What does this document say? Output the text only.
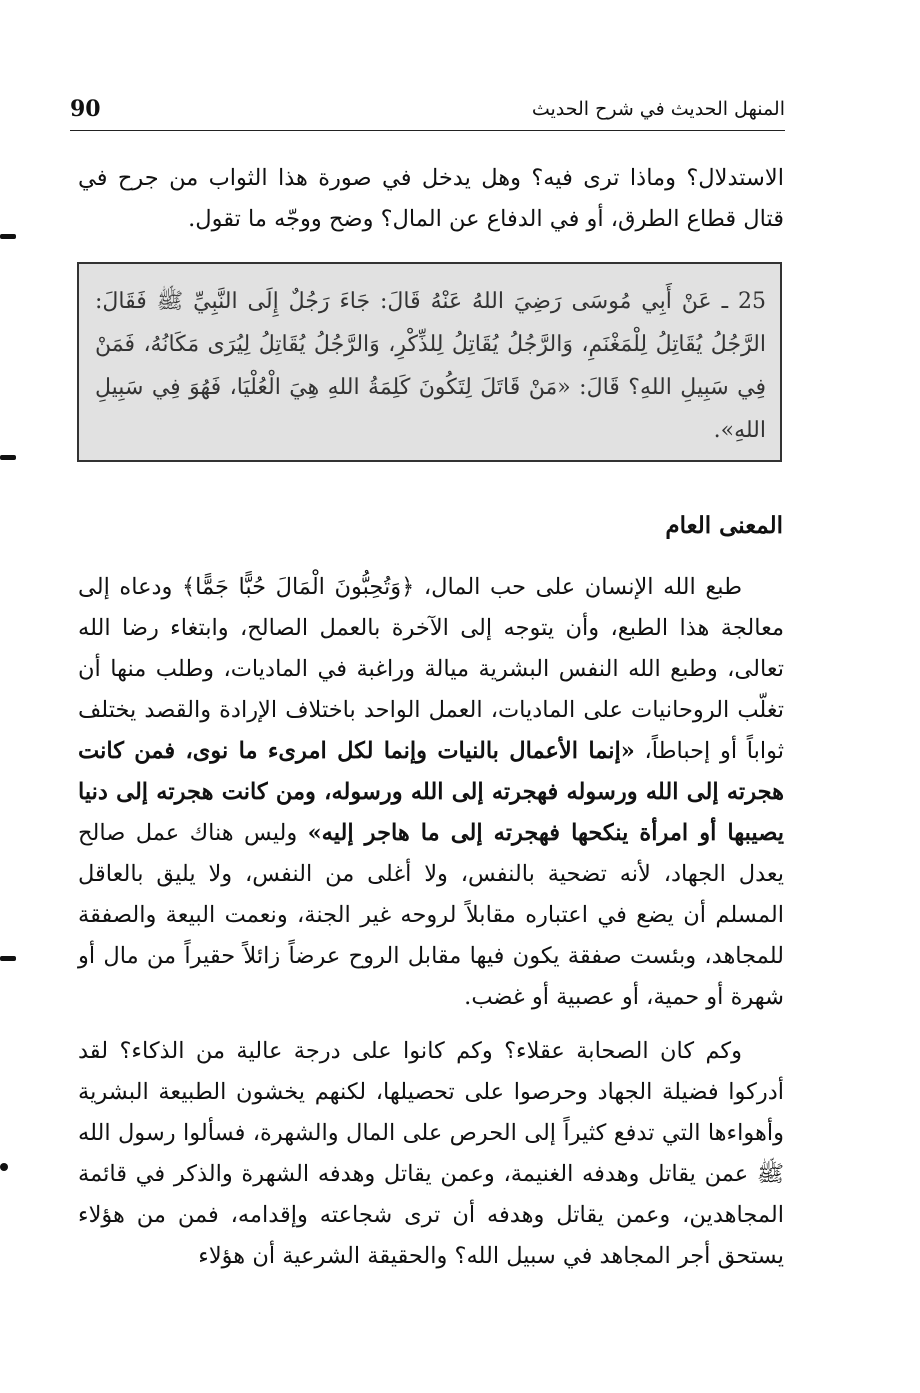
90	المنهل الحديث في شرح الحديث
الاستدلال؟ وماذا ترى فيه؟ وهل يدخل في صورة هذا الثواب من جرح في قتال قطاع الطرق، أو في الدفاع عن المال؟ وضح ووجّه ما تقول.
25 ـ عَنْ أَبِي مُوسَى رَضِيَ اللهُ عَنْهُ قَالَ: جَاءَ رَجُلٌ إِلَى النَّبِيِّ ﷺ فَقَالَ: الرَّجُلُ يُقَاتِلُ لِلْمَغْنَمِ، وَالرَّجُلُ يُقَاتِلُ لِلذِّكْرِ، وَالرَّجُلُ يُقَاتِلُ لِيُرَى مَكَانُهُ، فَمَنْ فِي سَبِيلِ اللهِ؟ قَالَ: «مَنْ قَاتَلَ لِتَكُونَ كَلِمَةُ اللهِ هِيَ الْعُلْيَا، فَهُوَ فِي سَبِيلِ اللهِ».
المعنى العام
طبع الله الإنسان على حب المال، ﴿وَتُحِبُّونَ الْمَالَ حُبًّا جَمًّا﴾ ودعاه إلى معالجة هذا الطبع، وأن يتوجه إلى الآخرة بالعمل الصالح، وابتغاء رضا الله تعالى، وطبع الله النفس البشرية ميالة وراغبة في الماديات، وطلب منها أن تغلّب الروحانيات على الماديات، العمل الواحد باختلاف الإرادة والقصد يختلف ثواباً أو إحباطاً، «إنما الأعمال بالنيات وإنما لكل امرىء ما نوى، فمن كانت هجرته إلى الله ورسوله فهجرته إلى الله ورسوله، ومن كانت هجرته إلى دنيا يصيبها أو امرأة ينكحها فهجرته إلى ما هاجر إليه» وليس هناك عمل صالح يعدل الجهاد، لأنه تضحية بالنفس، ولا أغلى من النفس، ولا يليق بالعاقل المسلم أن يضع في اعتباره مقابلاً لروحه غير الجنة، ونعمت البيعة والصفقة للمجاهد، وبئست صفقة يكون فيها مقابل الروح عرضاً زائلاً حقيراً من مال أو شهرة أو حمية، أو عصبية أو غضب.
وكم كان الصحابة عقلاء؟ وكم كانوا على درجة عالية من الذكاء؟ لقد أدركوا فضيلة الجهاد وحرصوا على تحصيلها، لكنهم يخشون الطبيعة البشرية وأهواءها التي تدفع كثيراً إلى الحرص على المال والشهرة، فسألوا رسول الله ﷺ عمن يقاتل وهدفه الغنيمة، وعمن يقاتل وهدفه الشهرة والذكر في قائمة المجاهدين، وعمن يقاتل وهدفه أن ترى شجاعته وإقدامه، فمن من هؤلاء يستحق أجر المجاهد في سبيل الله؟ والحقيقة الشرعية أن هؤلاء
